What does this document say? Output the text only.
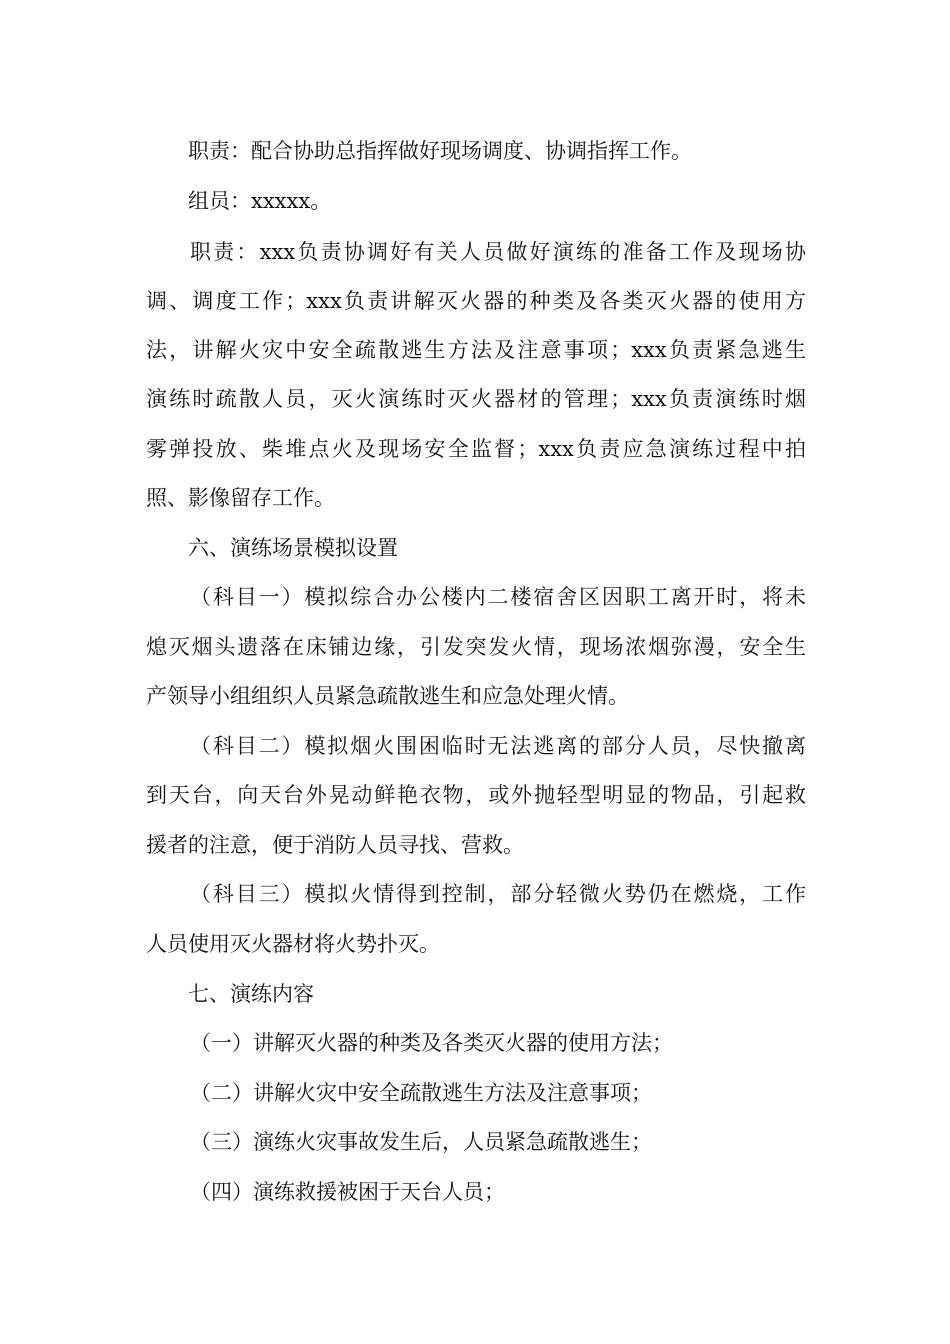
职责：配合协助总指挥做好现场调度、协调指挥工作。
组员：xxxxx。
职责：xxx负责协调好有关人员做好演练的准备工作及现场协
调、调度工作；xxx负责讲解灭火器的种类及各类灭火器的使用方
法，讲解火灾中安全疏散逃生方法及注意事项；xxx负责紧急逃生
演练时疏散人员，灭火演练时灭火器材的管理；xxx负责演练时烟
雾弹投放、柴堆点火及现场安全监督；xxx负责应急演练过程中拍
照、影像留存工作。
六、演练场景模拟设置
（科目一）模拟综合办公楼内二楼宿舍区因职工离开时，将未
熄灭烟头遗落在床铺边缘，引发突发火情，现场浓烟弥漫，安全生
产领导小组组织人员紧急疏散逃生和应急处理火情。
（科目二）模拟烟火围困临时无法逃离的部分人员，尽快撤离
到天台，向天台外晃动鲜艳衣物，或外抛轻型明显的物品，引起救
援者的注意，便于消防人员寻找、营救。
（科目三）模拟火情得到控制，部分轻微火势仍在燃烧，工作
人员使用灭火器材将火势扑灭。
七、演练内容
（一）讲解灭火器的种类及各类灭火器的使用方法；
（二）讲解火灾中安全疏散逃生方法及注意事项；
（三）演练火灾事故发生后，人员紧急疏散逃生；
（四）演练救援被困于天台人员；
